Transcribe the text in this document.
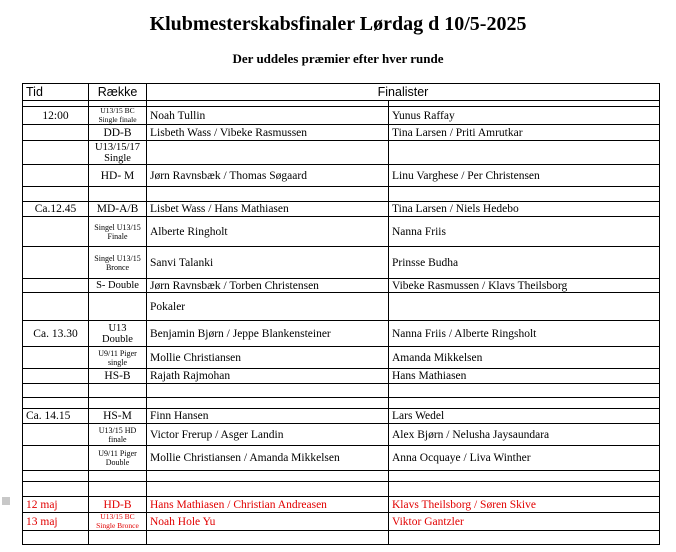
Klubmesterskabsfinaler Lørdag d 10/5-2025
Der uddeles præmier efter hver runde
Tid	Række	Finalister	

12:00	U13/15 BC Single finale	Noah Tullin	Yunus Raffay
	DD-B	Lisbeth Wass / Vibeke Rasmussen	Tina Larsen / Priti Amrutkar
	U13/15/17 Single		
	HD- M	Jørn Ravnsbæk / Thomas Søgaard	Linu Varghese / Per Christensen

Ca.12.45	MD-A/B	Lisbet Wass / Hans Mathiasen	Tina Larsen / Niels Hedebo
	Singel U13/15 Finale	Alberte Ringholt	Nanna Friis
	Singel U13/15 Bronce	Sanvi Talanki	Prinsse Budha
	S- Double	Jørn Ravnsbæk / Torben Christensen	Vibeke Rasmussen / Klavs Theilsborg
		Pokaler	
Ca. 13.30	U13 Double	Benjamin Bjørn / Jeppe Blankensteiner	Nanna Friis / Alberte Ringsholt
	U9/11 Piger single	Mollie Christiansen	Amanda Mikkelsen
	HS-B	Rajath Rajmohan	Hans Mathiasen

Ca. 14.15	HS-M	Finn Hansen	Lars Wedel
	U13/15 HD finale	Victor Frerup / Asger Landin	Alex Bjørn / Nelusha Jaysaundara
	U9/11 Piger Double	Mollie Christiansen / Amanda Mikkelsen	Anna Ocquaye / Liva Winther

12 maj	HD-B	Hans Mathiasen / Christian Andreasen	Klavs Theilsborg / Søren Skive
13 maj	U13/15 BC Single Bronce	Noah Hole Yu	Viktor Gantzler
